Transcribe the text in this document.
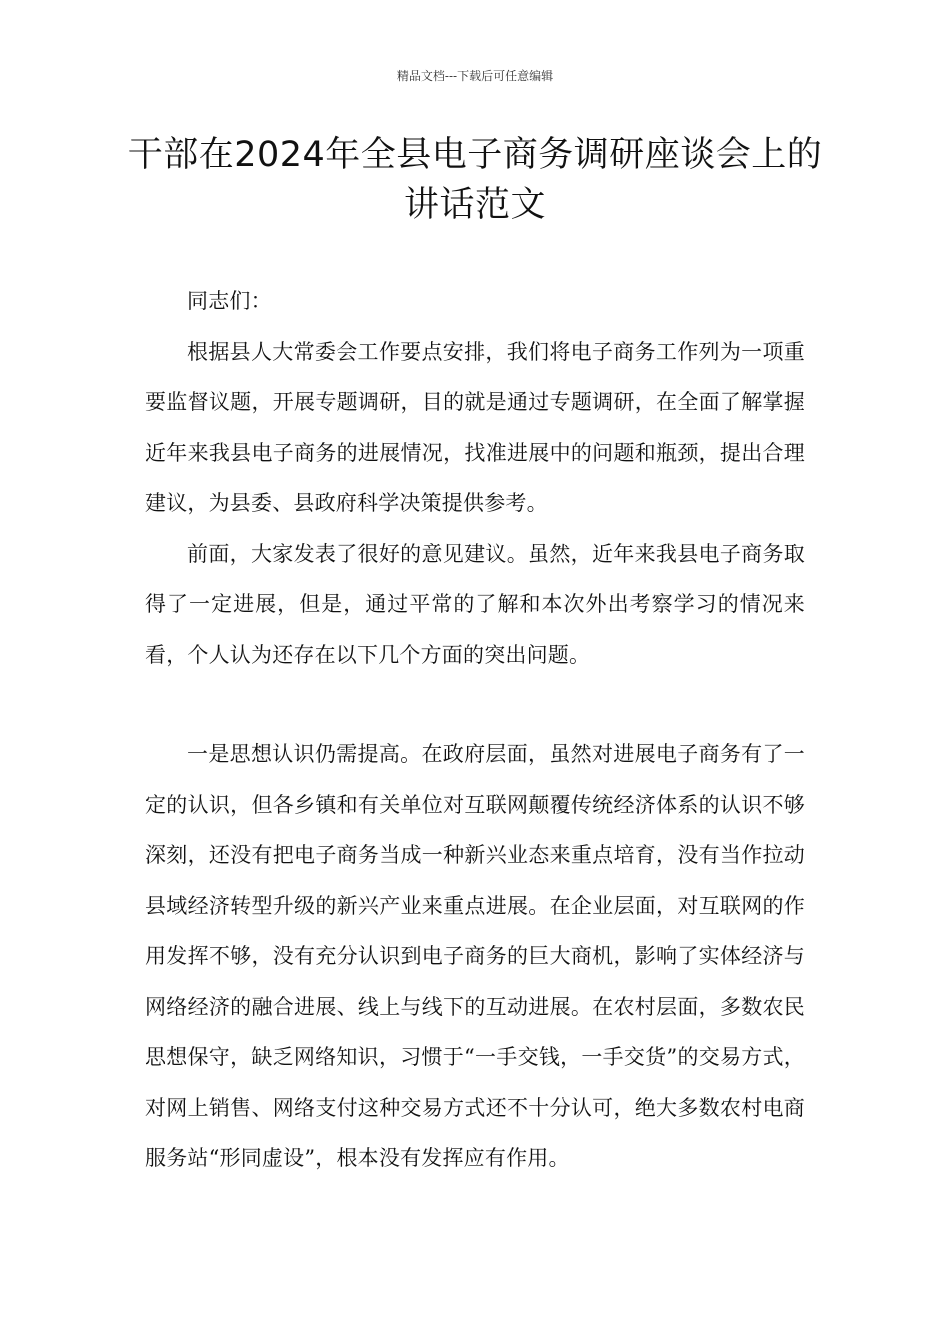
精品文档---下载后可任意编辑
干部在2024年全县电子商务调研座谈会上的讲话范文

同志们：

根据县人大常委会工作要点安排，我们将电子商务工作列为一项重要监督议题，开展专题调研，目的就是通过专题调研，在全面了解掌握近年来我县电子商务的进展情况，找准进展中的问题和瓶颈，提出合理建议，为县委、县政府科学决策提供参考。

前面，大家发表了很好的意见建议。虽然，近年来我县电子商务取得了一定进展，但是，通过平常的了解和本次外出考察学习的情况来看，个人认为还存在以下几个方面的突出问题。

一是思想认识仍需提高。在政府层面，虽然对进展电子商务有了一定的认识，但各乡镇和有关单位对互联网颠覆传统经济体系的认识不够深刻，还没有把电子商务当成一种新兴业态来重点培育，没有当作拉动县域经济转型升级的新兴产业来重点进展。在企业层面，对互联网的作用发挥不够，没有充分认识到电子商务的巨大商机，影响了实体经济与网络经济的融合进展、线上与线下的互动进展。在农村层面，多数农民思想保守，缺乏网络知识，习惯于“一手交钱，一手交货”的交易方式，对网上销售、网络支付这种交易方式还不十分认可，绝大多数农村电商服务站“形同虚设”，根本没有发挥应有作用。
